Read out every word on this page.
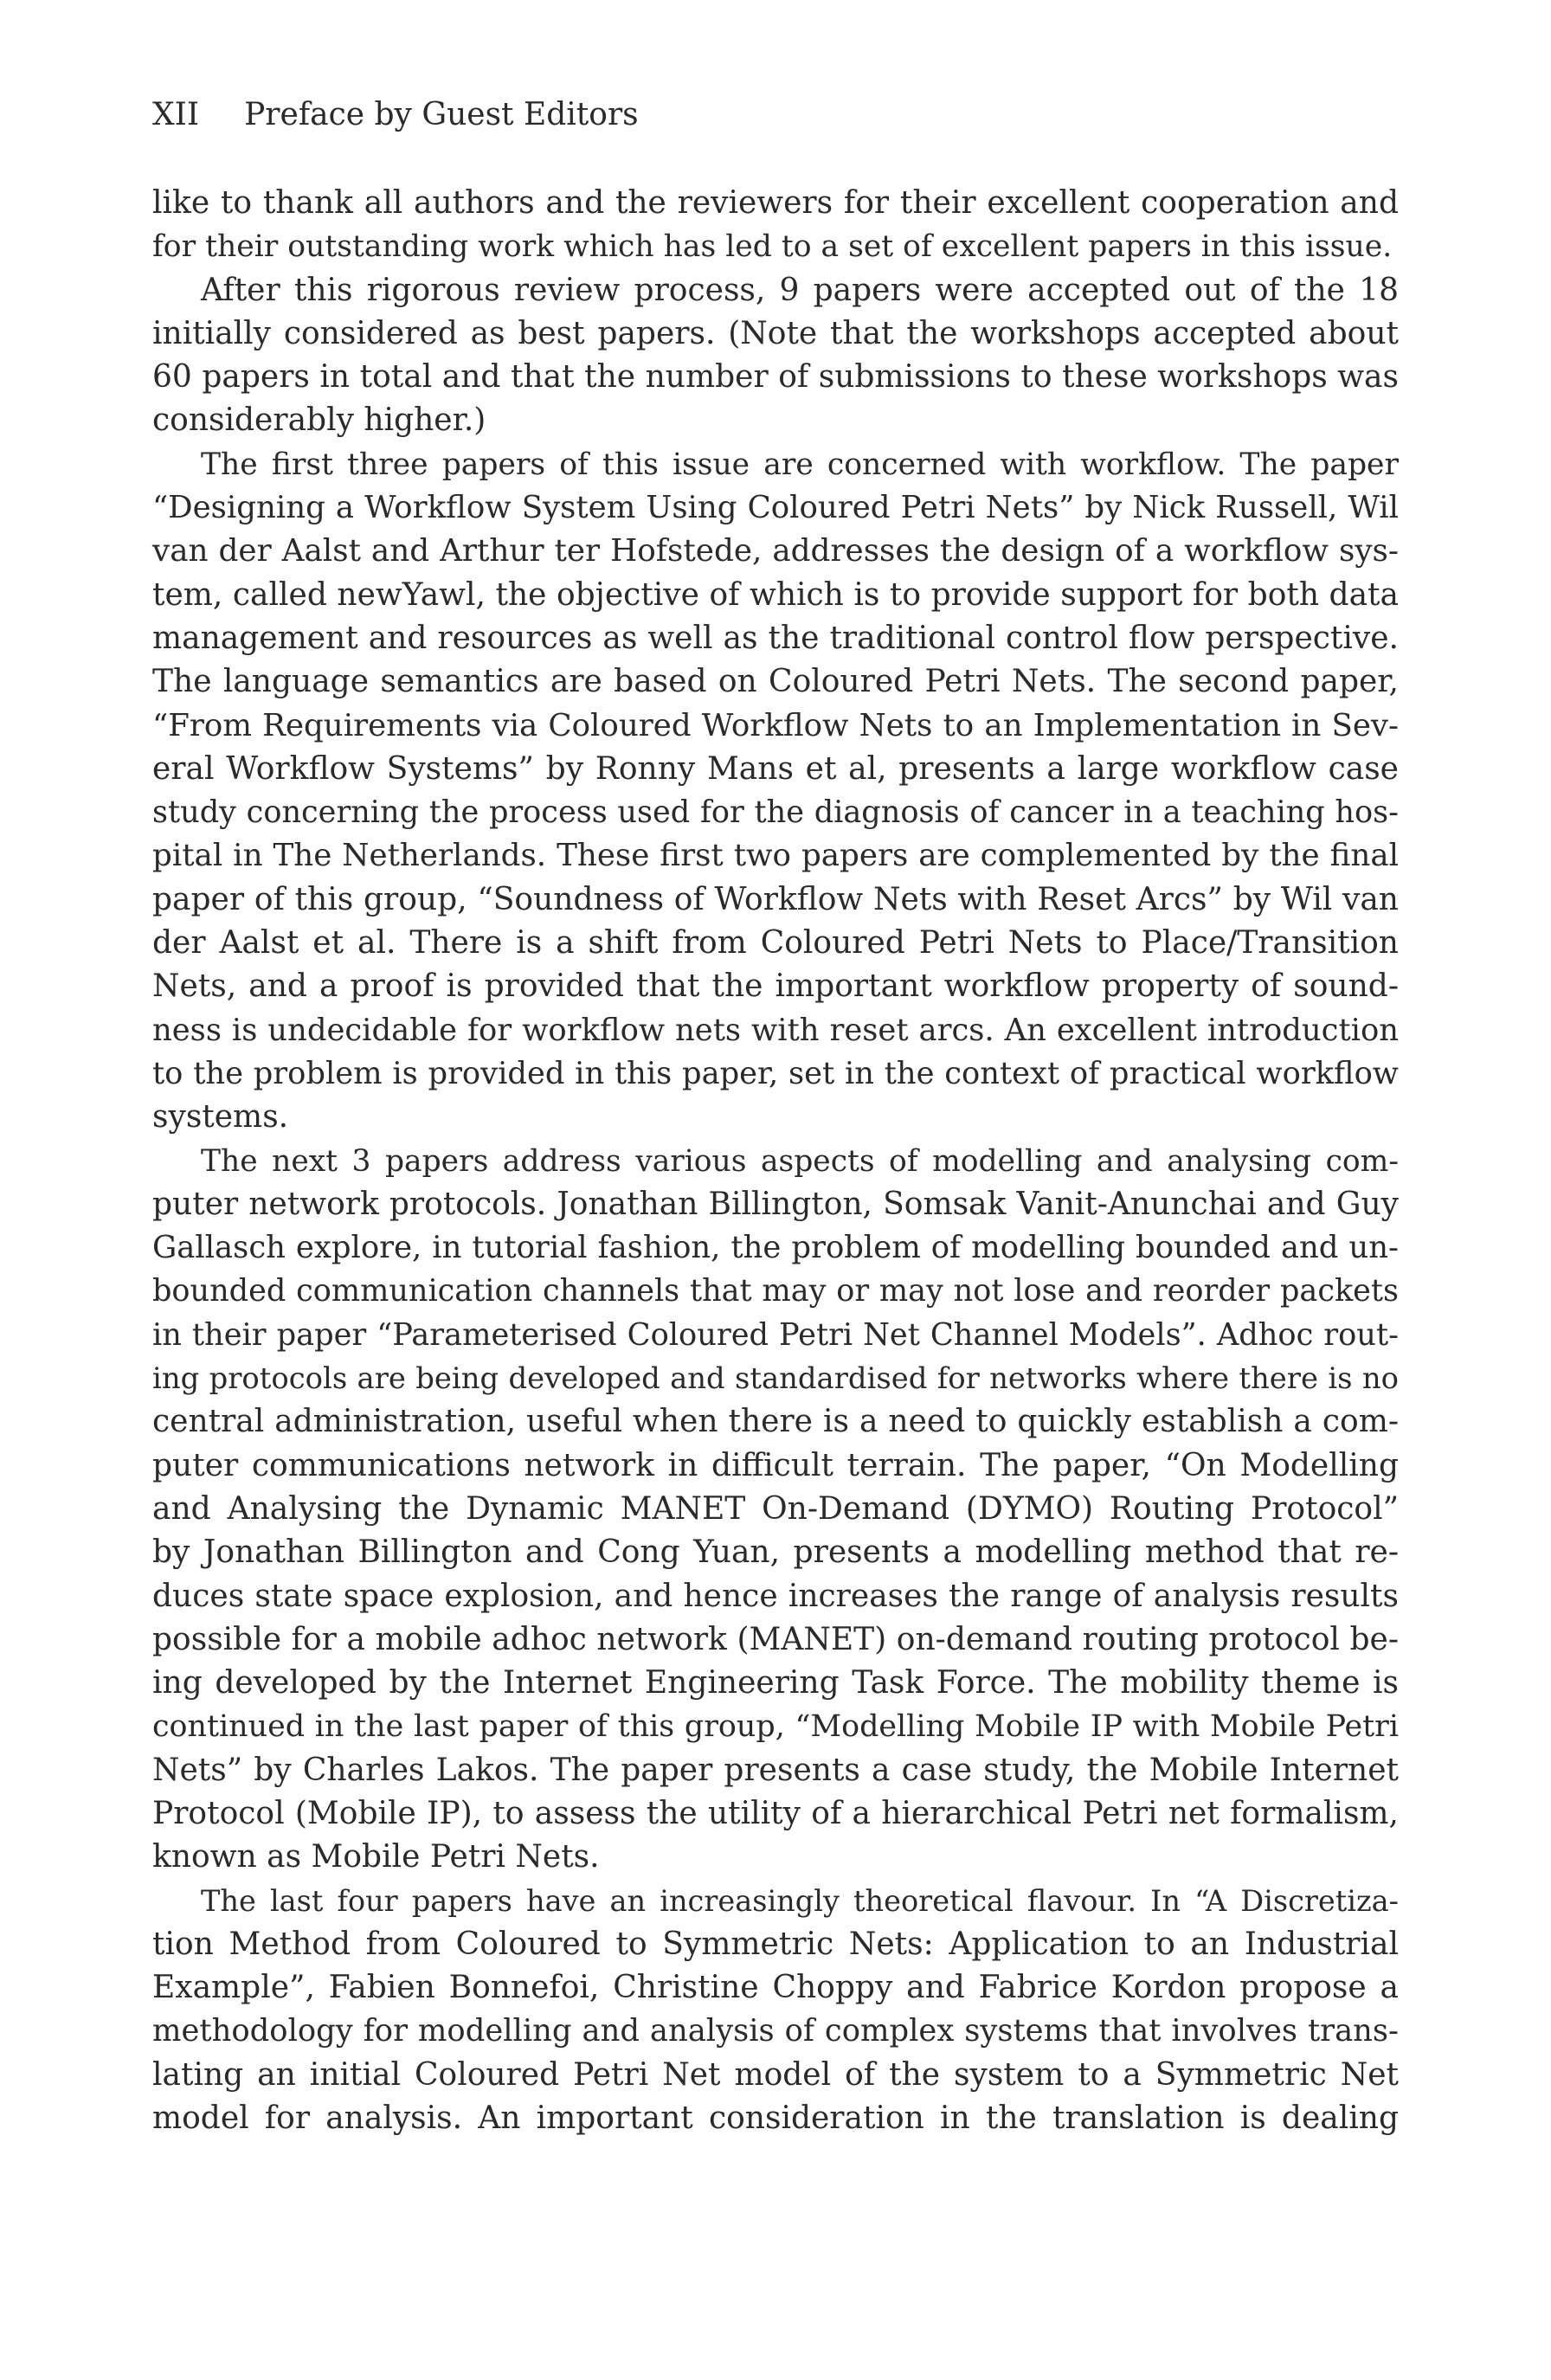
XII Preface by Guest Editors
like to thank all authors and the reviewers for their excellent cooperation and
for their outstanding work which has led to a set of excellent papers in this issue.
After this rigorous review process, 9 papers were accepted out of the 18
initially considered as best papers. (Note that the workshops accepted about
60 papers in total and that the number of submissions to these workshops was
considerably higher.)
The first three papers of this issue are concerned with workflow. The paper
“Designing a Workflow System Using Coloured Petri Nets” by Nick Russell, Wil
van der Aalst and Arthur ter Hofstede, addresses the design of a workflow sys-
tem, called newYawl, the objective of which is to provide support for both data
management and resources as well as the traditional control flow perspective.
The language semantics are based on Coloured Petri Nets. The second paper,
“From Requirements via Coloured Workflow Nets to an Implementation in Sev-
eral Workflow Systems” by Ronny Mans et al, presents a large workflow case
study concerning the process used for the diagnosis of cancer in a teaching hos-
pital in The Netherlands. These first two papers are complemented by the final
paper of this group, “Soundness of Workflow Nets with Reset Arcs” by Wil van
der Aalst et al. There is a shift from Coloured Petri Nets to Place/Transition
Nets, and a proof is provided that the important workflow property of sound-
ness is undecidable for workflow nets with reset arcs. An excellent introduction
to the problem is provided in this paper, set in the context of practical workflow
systems.
The next 3 papers address various aspects of modelling and analysing com-
puter network protocols. Jonathan Billington, Somsak Vanit-Anunchai and Guy
Gallasch explore, in tutorial fashion, the problem of modelling bounded and un-
bounded communication channels that may or may not lose and reorder packets
in their paper “Parameterised Coloured Petri Net Channel Models”. Adhoc rout-
ing protocols are being developed and standardised for networks where there is no
central administration, useful when there is a need to quickly establish a com-
puter communications network in difficult terrain. The paper, “On Modelling
and Analysing the Dynamic MANET On-Demand (DYMO) Routing Protocol”
by Jonathan Billington and Cong Yuan, presents a modelling method that re-
duces state space explosion, and hence increases the range of analysis results
possible for a mobile adhoc network (MANET) on-demand routing protocol be-
ing developed by the Internet Engineering Task Force. The mobility theme is
continued in the last paper of this group, “Modelling Mobile IP with Mobile Petri
Nets” by Charles Lakos. The paper presents a case study, the Mobile Internet
Protocol (Mobile IP), to assess the utility of a hierarchical Petri net formalism,
known as Mobile Petri Nets.
The last four papers have an increasingly theoretical flavour. In “A Discretiza-
tion Method from Coloured to Symmetric Nets: Application to an Industrial
Example”, Fabien Bonnefoi, Christine Choppy and Fabrice Kordon propose a
methodology for modelling and analysis of complex systems that involves trans-
lating an initial Coloured Petri Net model of the system to a Symmetric Net
model for analysis. An important consideration in the translation is dealing
